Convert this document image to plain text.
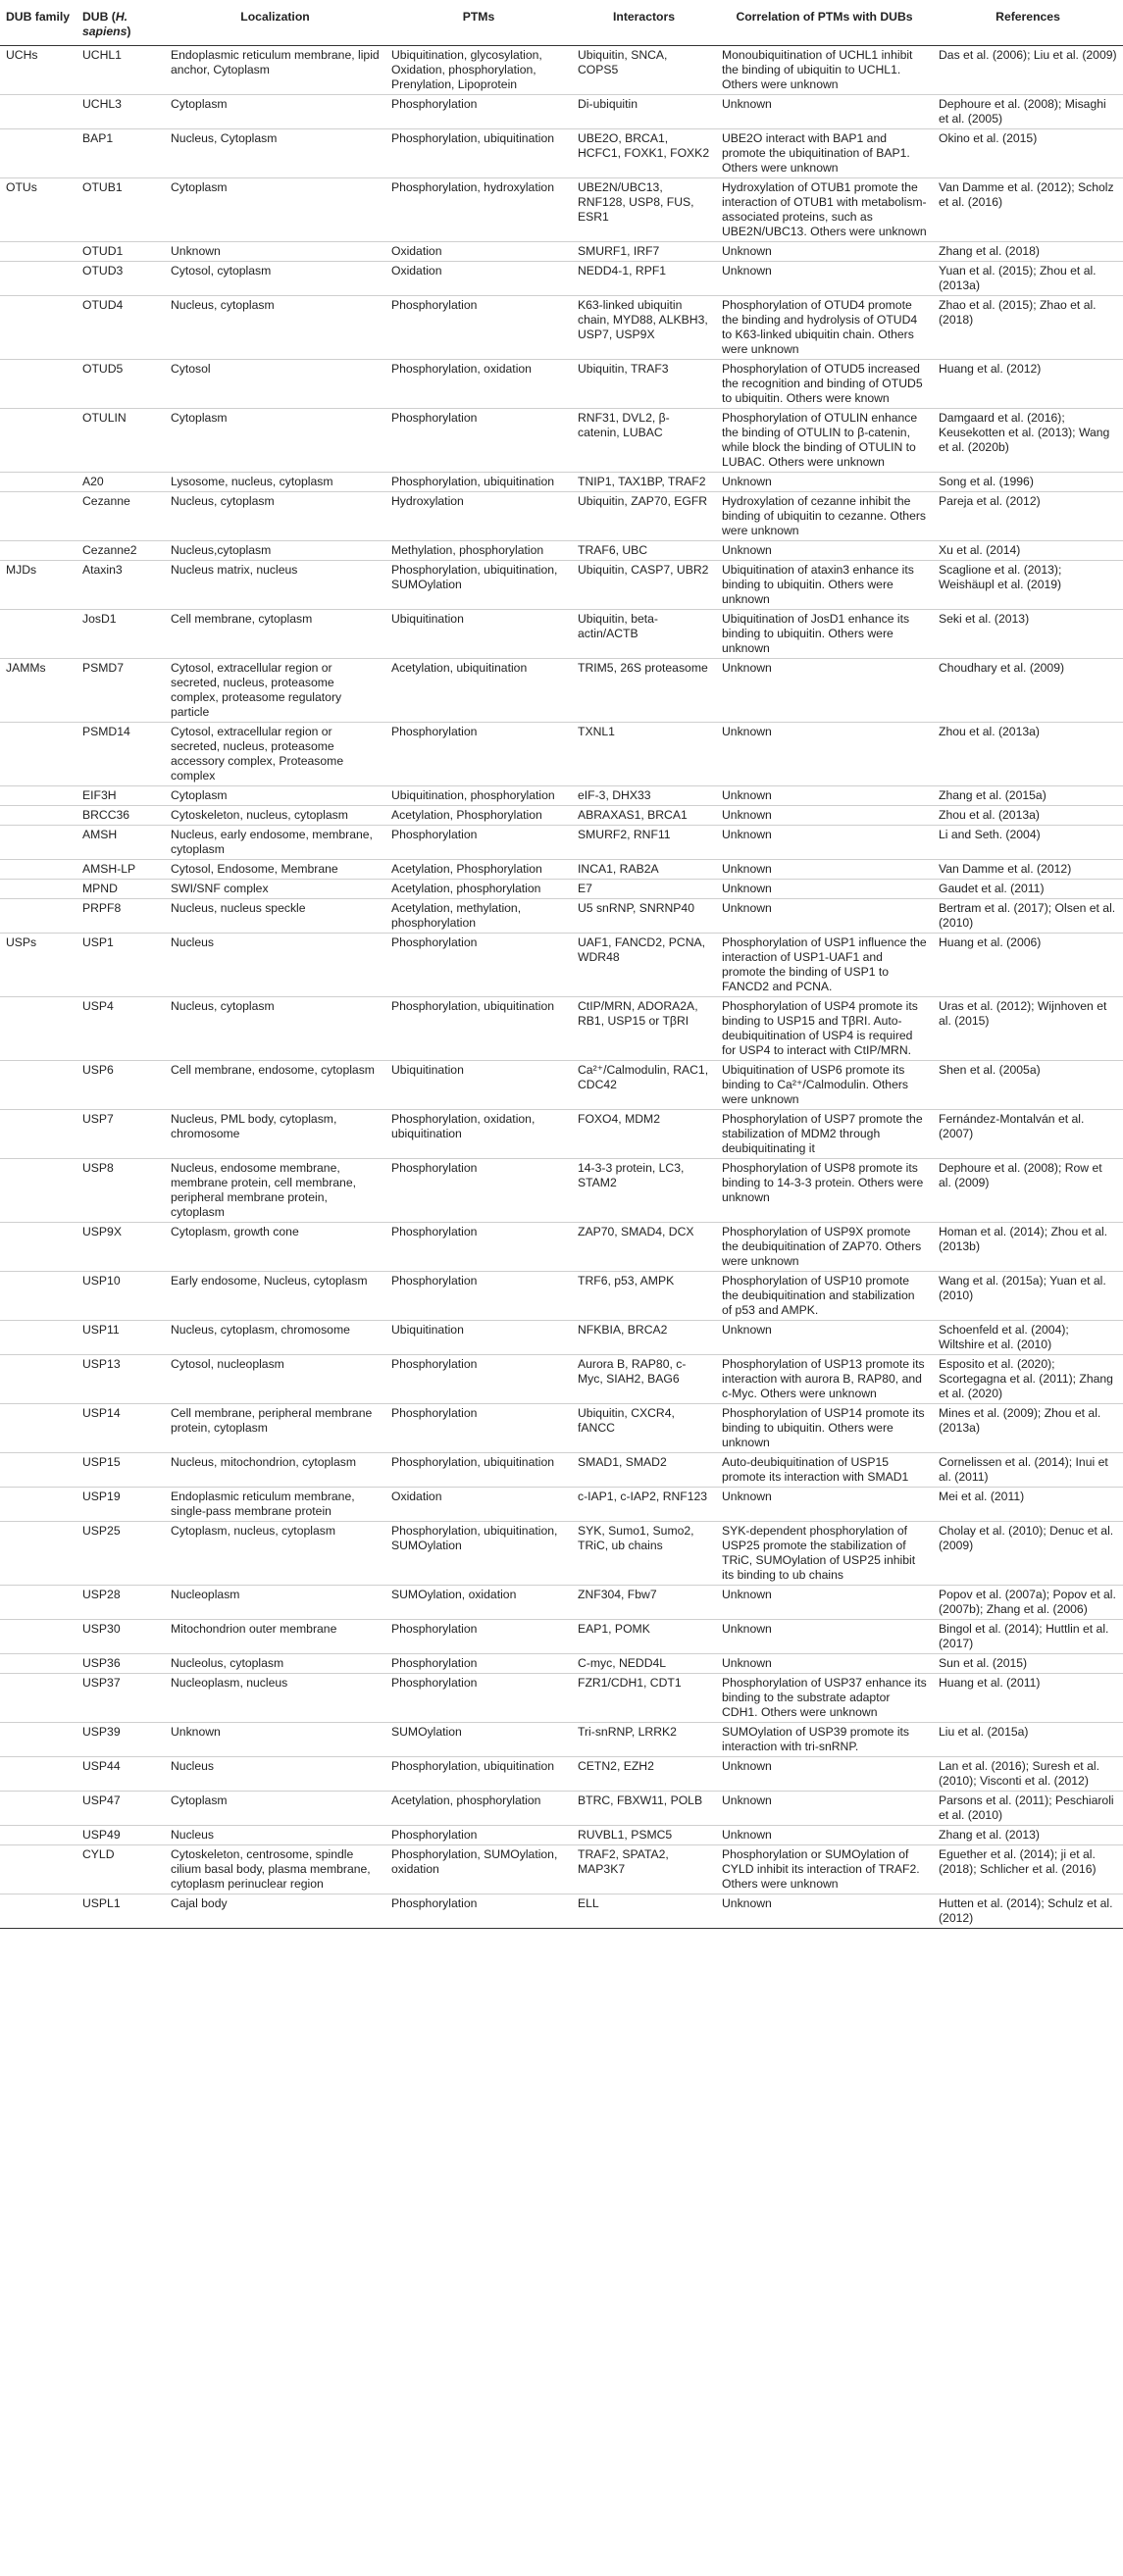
DUB family	DUB (H. sapiens)	Localization	PTMs	Interactors	Correlation of PTMs with DUBs	References
UCHs	UCHL1	Endoplasmic reticulum membrane, lipid anchor, Cytoplasm	Ubiquitination, glycosylation, Oxidation, phosphorylation, Prenylation, Lipoprotein	Ubiquitin, SNCA, COPS5	Monoubiquitination of UCHL1 inhibit the binding of ubiquitin to UCHL1. Others were unknown	Das et al. (2006); Liu et al. (2009)
	UCHL3	Cytoplasm	Phosphorylation	Di-ubiquitin	Unknown	Dephoure et al. (2008); Misaghi et al. (2005)
	BAP1	Nucleus, Cytoplasm	Phosphorylation, ubiquitination	UBE2O, BRCA1, HCFC1, FOXK1, FOXK2	UBE2O interact with BAP1 and promote the ubiquitination of BAP1. Others were unknown	Okino et al. (2015)
OTUs	OTUB1	Cytoplasm	Phosphorylation, hydroxylation	UBE2N/UBC13, RNF128, USP8, FUS, ESR1	Hydroxylation of OTUB1 promote the interaction of OTUB1 with metabolism-associated proteins, such as UBE2N/UBC13. Others were unknown	Van Damme et al. (2012); Scholz et al. (2016)
	OTUD1	Unknown	Oxidation	SMURF1, IRF7	Unknown	Zhang et al. (2018)
	OTUD3	Cytosol, cytoplasm	Oxidation	NEDD4-1, RPF1	Unknown	Yuan et al. (2015); Zhou et al. (2013a)
	OTUD4	Nucleus, cytoplasm	Phosphorylation	K63-linked ubiquitin chain, MYD88, ALKBH3, USP7, USP9X	Phosphorylation of OTUD4 promote the binding and hydrolysis of OTUD4 to K63-linked ubiquitin chain. Others were unknown	Zhao et al. (2015); Zhao et al. (2018)
	OTUD5	Cytosol	Phosphorylation, oxidation	Ubiquitin, TRAF3	Phosphorylation of OTUD5 increased the recognition and binding of OTUD5 to ubiquitin. Others were known	Huang et al. (2012)
	OTULIN	Cytoplasm	Phosphorylation	RNF31, DVL2, β-catenin, LUBAC	Phosphorylation of OTULIN enhance the binding of OTULIN to β-catenin, while block the binding of OTULIN to LUBAC. Others were unknown	Damgaard et al. (2016); Keusekotten et al. (2013); Wang et al. (2020b)
	A20	Lysosome, nucleus, cytoplasm	Phosphorylation, ubiquitination	TNIP1, TAX1BP, TRAF2	Unknown	Song et al. (1996)
	Cezanne	Nucleus, cytoplasm	Hydroxylation	Ubiquitin, ZAP70, EGFR	Hydroxylation of cezanne inhibit the binding of ubiquitin to cezanne. Others were unknown	Pareja et al. (2012)
	Cezanne2	Nucleus,cytoplasm	Methylation, phosphorylation	TRAF6, UBC	Unknown	Xu et al. (2014)
MJDs	Ataxin3	Nucleus matrix, nucleus	Phosphorylation, ubiquitination, SUMOylation	Ubiquitin, CASP7, UBR2	Ubiquitination of ataxin3 enhance its binding to ubiquitin. Others were unknown	Scaglione et al. (2013); Weishäupl et al. (2019)
	JosD1	Cell membrane, cytoplasm	Ubiquitination	Ubiquitin, beta-actin/ACTB	Ubiquitination of JosD1 enhance its binding to ubiquitin. Others were unknown	Seki et al. (2013)
JAMMs	PSMD7	Cytosol, extracellular region or secreted, nucleus, proteasome complex, proteasome regulatory particle	Acetylation, ubiquitination	TRIM5, 26S proteasome	Unknown	Choudhary et al. (2009)
	PSMD14	Cytosol, extracellular region or secreted, nucleus, proteasome accessory complex, Proteasome complex	Phosphorylation	TXNL1	Unknown	Zhou et al. (2013a)
	EIF3H	Cytoplasm	Ubiquitination, phosphorylation	eIF-3, DHX33	Unknown	Zhang et al. (2015a)
	BRCC36	Cytoskeleton, nucleus, cytoplasm	Acetylation, Phosphorylation	ABRAXAS1, BRCA1	Unknown	Zhou et al. (2013a)
	AMSH	Nucleus, early endosome, membrane, cytoplasm	Phosphorylation	SMURF2, RNF11	Unknown	Li and Seth. (2004)
	AMSH-LP	Cytosol, Endosome, Membrane	Acetylation, Phosphorylation	INCA1, RAB2A	Unknown	Van Damme et al. (2012)
	MPND	SWI/SNF complex	Acetylation, phosphorylation	E7	Unknown	Gaudet et al. (2011)
	PRPF8	Nucleus, nucleus speckle	Acetylation, methylation, phosphorylation	U5 snRNP, SNRNP40	Unknown	Bertram et al. (2017); Olsen et al. (2010)
USPs	USP1	Nucleus	Phosphorylation	UAF1, FANCD2, PCNA, WDR48	Phosphorylation of USP1 influence the interaction of USP1-UAF1 and promote the binding of USP1 to FANCD2 and PCNA.	Huang et al. (2006)
	USP4	Nucleus, cytoplasm	Phosphorylation, ubiquitination	CtIP/MRN, ADORA2A, RB1, USP15 or TβRI	Phosphorylation of USP4 promote its binding to USP15 and TβRI. Auto-deubiquitination of USP4 is required for USP4 to interact with CtIP/MRN.	Uras et al. (2012); Wijnhoven et al. (2015)
	USP6	Cell membrane, endosome, cytoplasm	Ubiquitination	Ca²⁺/Calmodulin, RAC1, CDC42	Ubiquitination of USP6 promote its binding to Ca²⁺/Calmodulin. Others were unknown	Shen et al. (2005a)
	USP7	Nucleus, PML body, cytoplasm, chromosome	Phosphorylation, oxidation, ubiquitination	FOXO4, MDM2	Phosphorylation of USP7 promote the stabilization of MDM2 through deubiquitinating it	Fernández-Montalván et al. (2007)
	USP8	Nucleus, endosome membrane, membrane protein, cell membrane, peripheral membrane protein, cytoplasm	Phosphorylation	14-3-3 protein, LC3, STAM2	Phosphorylation of USP8 promote its binding to 14-3-3 protein. Others were unknown	Dephoure et al. (2008); Row et al. (2009)
	USP9X	Cytoplasm, growth cone	Phosphorylation	ZAP70, SMAD4, DCX	Phosphorylation of USP9X promote the deubiquitination of ZAP70. Others were unknown	Homan et al. (2014); Zhou et al. (2013b)
	USP10	Early endosome, Nucleus, cytoplasm	Phosphorylation	TRF6, p53, AMPK	Phosphorylation of USP10 promote the deubiquitination and stabilization of p53 and AMPK.	Wang et al. (2015a); Yuan et al. (2010)
	USP11	Nucleus, cytoplasm, chromosome	Ubiquitination	NFKBIA, BRCA2	Unknown	Schoenfeld et al. (2004); Wiltshire et al. (2010)
	USP13	Cytosol, nucleoplasm	Phosphorylation	Aurora B, RAP80, c-Myc, SIAH2, BAG6	Phosphorylation of USP13 promote its interaction with aurora B, RAP80, and c-Myc. Others were unknown	Esposito et al. (2020); Scortegagna et al. (2011); Zhang et al. (2020)
	USP14	Cell membrane, peripheral membrane protein, cytoplasm	Phosphorylation	Ubiquitin, CXCR4, fANCC	Phosphorylation of USP14 promote its binding to ubiquitin. Others were unknown	Mines et al. (2009); Zhou et al. (2013a)
	USP15	Nucleus, mitochondrion, cytoplasm	Phosphorylation, ubiquitination	SMAD1, SMAD2	Auto-deubiquitination of USP15 promote its interaction with SMAD1	Cornelissen et al. (2014); Inui et al. (2011)
	USP19	Endoplasmic reticulum membrane, single-pass membrane protein	Oxidation	c-IAP1, c-IAP2, RNF123	Unknown	Mei et al. (2011)
	USP25	Cytoplasm, nucleus, cytoplasm	Phosphorylation, ubiquitination, SUMOylation	SYK, Sumo1, Sumo2, TRiC, ub chains	SYK-dependent phosphorylation of USP25 promote the stabilization of TRiC, SUMOylation of USP25 inhibit its binding to ub chains	Cholay et al. (2010); Denuc et al. (2009)
	USP28	Nucleoplasm	SUMOylation, oxidation	ZNF304, Fbw7	Unknown	Popov et al. (2007a); Popov et al. (2007b); Zhang et al. (2006)
	USP30	Mitochondrion outer membrane	Phosphorylation	EAP1, POMK	Unknown	Bingol et al. (2014); Huttlin et al. (2017)
	USP36	Nucleolus, cytoplasm	Phosphorylation	C-myc, NEDD4L	Unknown	Sun et al. (2015)
	USP37	Nucleoplasm, nucleus	Phosphorylation	FZR1/CDH1, CDT1	Phosphorylation of USP37 enhance its binding to the substrate adaptor CDH1. Others were unknown	Huang et al. (2011)
	USP39	Unknown	SUMOylation	Tri-snRNP, LRRK2	SUMOylation of USP39 promote its interaction with tri-snRNP.	Liu et al. (2015a)
	USP44	Nucleus	Phosphorylation, ubiquitination	CETN2, EZH2	Unknown	Lan et al. (2016); Suresh et al. (2010); Visconti et al. (2012)
	USP47	Cytoplasm	Acetylation, phosphorylation	BTRC, FBXW11, POLB	Unknown	Parsons et al. (2011); Peschiaroli et al. (2010)
	USP49	Nucleus	Phosphorylation	RUVBL1, PSMC5	Unknown	Zhang et al. (2013)
	CYLD	Cytoskeleton, centrosome, spindle cilium basal body, plasma membrane, cytoplasm perinuclear region	Phosphorylation, SUMOylation, oxidation	TRAF2, SPATA2, MAP3K7	Phosphorylation or SUMOylation of CYLD inhibit its interaction of TRAF2. Others were unknown	Eguether et al. (2014); ji et al. (2018); Schlicher et al. (2016)
	USPL1	Cajal body	Phosphorylation	ELL	Unknown	Hutten et al. (2014); Schulz et al. (2012)
